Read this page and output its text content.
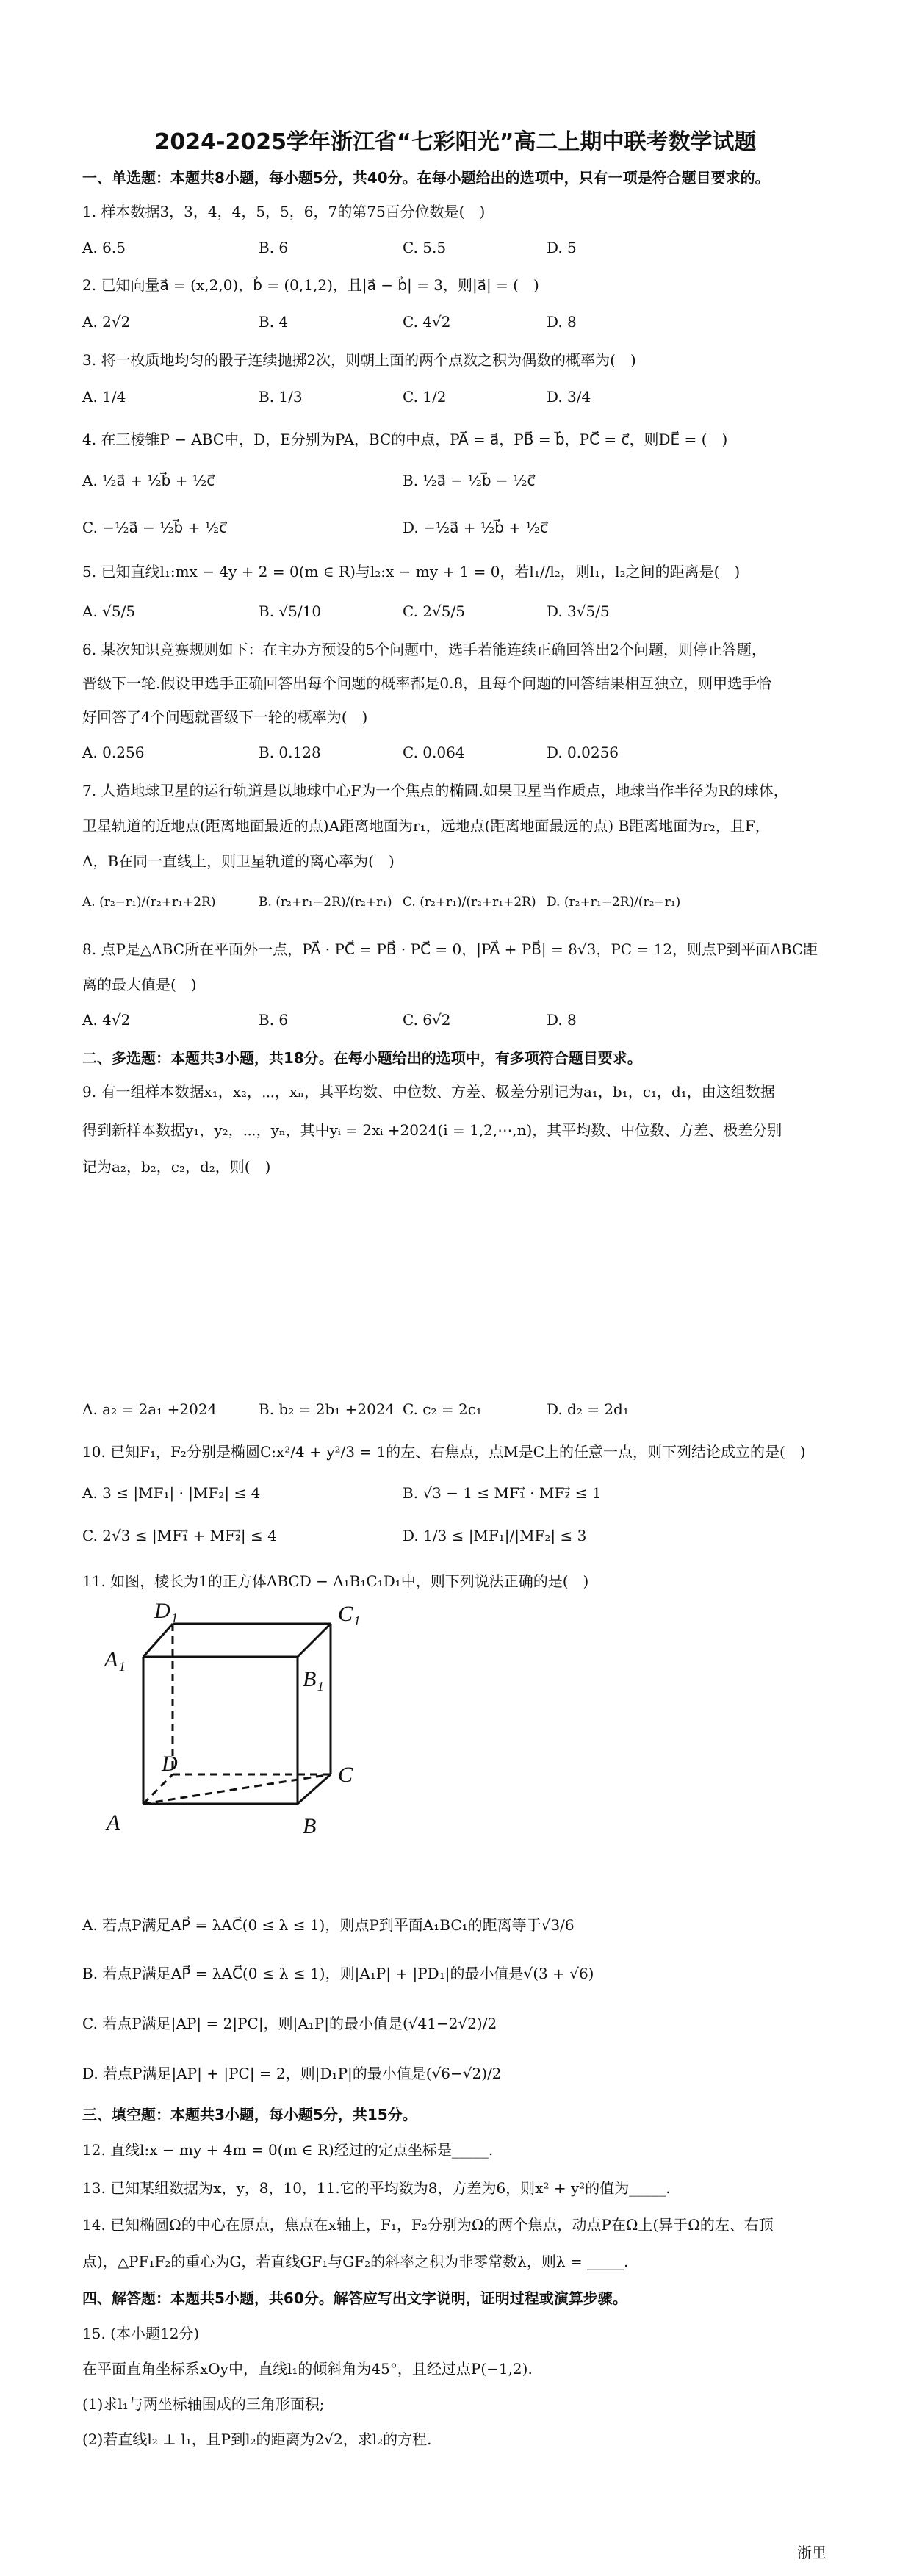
2024-2025学年浙江省“七彩阳光”高二上期中联考数学试题
一、单选题：本题共8小题，每小题5分，共40分。在每小题给出的选项中，只有一项是符合题目要求的。
1. 样本数据3，3，4，4，5，5，6，7的第75百分位数是(　)
A. 6.5	B. 6	C. 5.5	D. 5
2. 已知向量a⃗ = (x,2,0)，b⃗ = (0,1,2)，且|a⃗ − b⃗| = 3，则|a⃗| = (　)
A. 2√2	B. 4	C. 4√2	D. 8
3. 将一枚质地均匀的骰子连续抛掷2次，则朝上面的两个点数之积为偶数的概率为(　)
A. 1/4	B. 1/3	C. 1/2	D. 3/4
4. 在三棱锥P − ABC中，D，E分别为PA，BC的中点，PA⃗ = a⃗，PB⃗ = b⃗，PC⃗ = c⃗，则DE⃗ = (　)
A. ½a⃗ + ½b⃗ + ½c⃗	B. ½a⃗ − ½b⃗ − ½c⃗
C. −½a⃗ − ½b⃗ + ½c⃗	D. −½a⃗ + ½b⃗ + ½c⃗
5. 已知直线l₁:mx − 4y + 2 = 0(m ∈ R)与l₂:x − my + 1 = 0，若l₁//l₂，则l₁，l₂之间的距离是(　)
A. √5/5	B. √5/10	C. 2√5/5	D. 3√5/5
6. 某次知识竞赛规则如下：在主办方预设的5个问题中，选手若能连续正确回答出2个问题，则停止答题，
晋级下一轮.假设甲选手正确回答出每个问题的概率都是0.8，且每个问题的回答结果相互独立，则甲选手恰
好回答了4个问题就晋级下一轮的概率为(　)
A. 0.256	B. 0.128	C. 0.064	D. 0.0256
7. 人造地球卫星的运行轨道是以地球中心F为一个焦点的椭圆.如果卫星当作质点，地球当作半径为R的球体，
卫星轨道的近地点(距离地面最近的点)A距离地面为r₁，远地点(距离地面最远的点) B距离地面为r₂，且F，
A，B在同一直线上，则卫星轨道的离心率为(　)
A. (r₂−r₁)/(r₂+r₁+2R)	B. (r₂+r₁−2R)/(r₂+r₁) C. (r₂+r₁)/(r₂+r₁+2R) D. (r₂+r₁−2R)/(r₂−r₁)
8. 点P是△ABC所在平面外一点，PA⃗ · PC⃗ = PB⃗ · PC⃗ = 0，|PA⃗ + PB⃗| = 8√3，PC = 12，则点P到平面ABC距
离的最大值是(　)
A. 4√2	B. 6	C. 6√2	D. 8
二、多选题：本题共3小题，共18分。在每小题给出的选项中，有多项符合题目要求。
9. 有一组样本数据x₁，x₂，⋯，xₙ，其平均数、中位数、方差、极差分别记为a₁，b₁，c₁，d₁，由这组数据
得到新样本数据y₁，y₂，⋯，yₙ，其中yᵢ = 2xᵢ +2024(i = 1,2,⋯,n)，其平均数、中位数、方差、极差分别
记为a₂，b₂，c₂，d₂，则(　)
A. a₂ = 2a₁ +2024	B. b₂ = 2b₁ +2024 C. c₂ = 2c₁	D. d₂ = 2d₁
10. 已知F₁，F₂分别是椭圆C:x²/4 + y²/3 = 1的左、右焦点，点M是C上的任意一点，则下列结论成立的是(　)
A. 3 ≤ |MF₁| · |MF₂| ≤ 4	B. √3 − 1 ≤ MF₁⃗ · MF₂⃗ ≤ 1
C. 2√3 ≤ |MF₁⃗ + MF₂⃗| ≤ 4	D. 1/3 ≤ |MF₁|/|MF₂| ≤ 3
11. 如图，棱长为1的正方体ABCD − A₁B₁C₁D₁中，则下列说法正确的是(　)
D₁	C₁
A₁
B₁
D	C
A	B
A. 若点P满足AP⃗ = λAC⃗(0 ≤ λ ≤ 1)，则点P到平面A₁BC₁的距离等于√3/6
B. 若点P满足AP⃗ = λAC⃗(0 ≤ λ ≤ 1)，则|A₁P| + |PD₁|的最小值是√(3 + √6)
C. 若点P满足|AP| = 2|PC|，则|A₁P|的最小值是(√41−2√2)/2
D. 若点P满足|AP| + |PC| = 2，则|D₁P|的最小值是(√6−√2)/2
三、填空题：本题共3小题，每小题5分，共15分。
12. 直线l:x − my + 4m = 0(m ∈ R)经过的定点坐标是_____.
13. 已知某组数据为x，y，8，10，11.它的平均数为8，方差为6，则x² + y²的值为_____.
14. 已知椭圆Ω的中心在原点，焦点在x轴上，F₁，F₂分别为Ω的两个焦点，动点P在Ω上(异于Ω的左、右顶
点)，△PF₁F₂的重心为G，若直线GF₁与GF₂的斜率之积为非零常数λ，则λ = _____.
四、解答题：本题共5小题，共60分。解答应写出文字说明，证明过程或演算步骤。
15. (本小题12分)
在平面直角坐标系xOy中，直线l₁的倾斜角为45°，且经过点P(−1,2).
(1)求l₁与两坐标轴围成的三角形面积;
(2)若直线l₂ ⊥ l₁，且P到l₂的距离为2√2，求l₂的方程.
浙里
